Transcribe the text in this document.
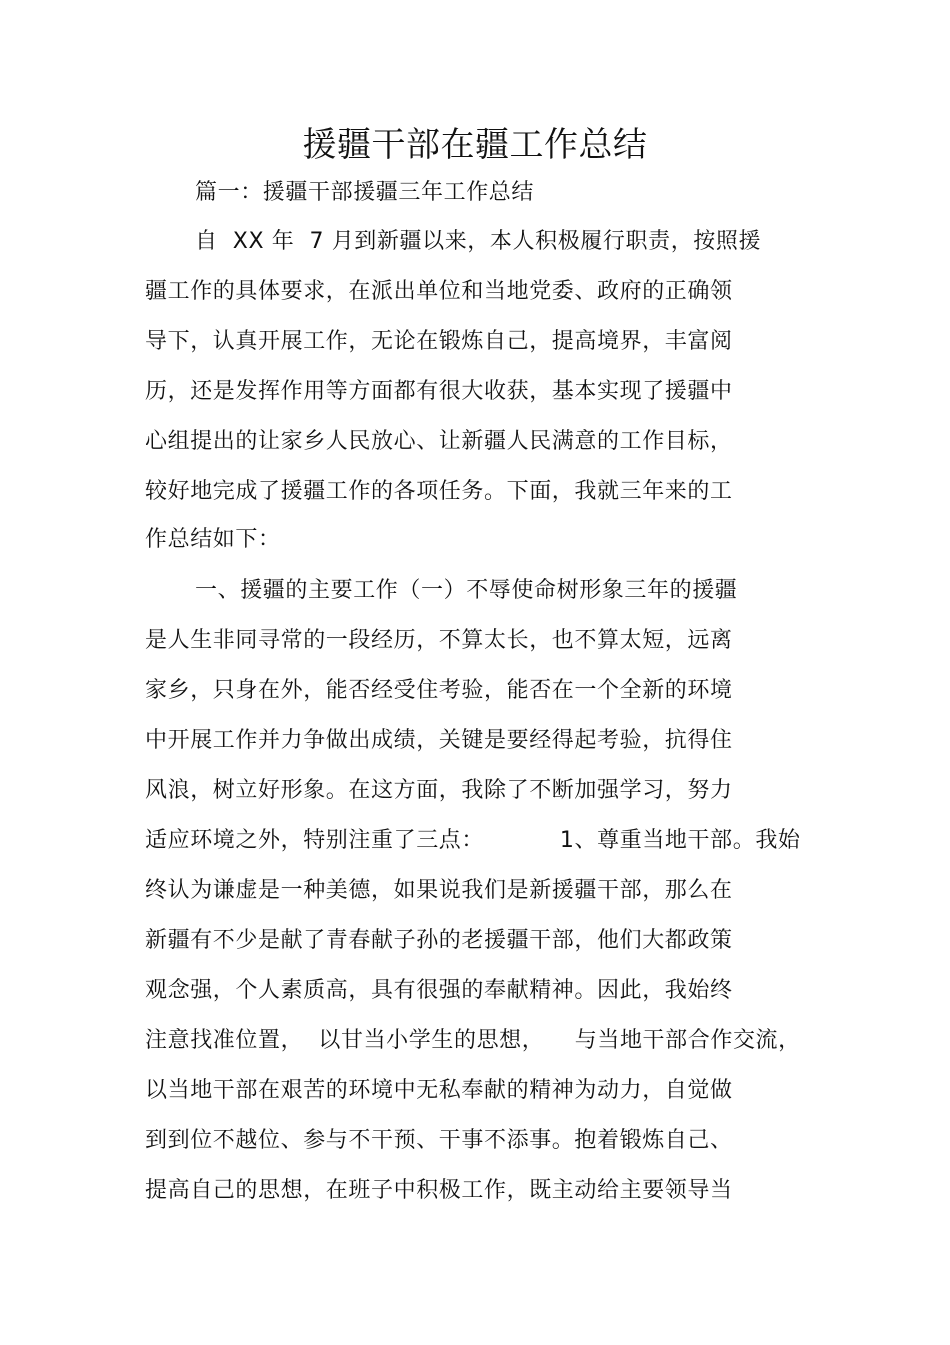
援疆干部在疆工作总结
篇一：援疆干部援疆三年工作总结
自  XX 年  7 月到新疆以来，本人积极履行职责，按照援
疆工作的具体要求，在派出单位和当地党委、政府的正确领
导下，认真开展工作，无论在锻炼自己，提高境界，丰富阅
历，还是发挥作用等方面都有很大收获，基本实现了援疆中
心组提出的让家乡人民放心、让新疆人民满意的工作目标，
较好地完成了援疆工作的各项任务。下面，我就三年来的工
作总结如下：
一、援疆的主要工作（一）不辱使命树形象三年的援疆
是人生非同寻常的一段经历，不算太长，也不算太短，远离
家乡，只身在外，能否经受住考验，能否在一个全新的环境
中开展工作并力争做出成绩，关键是要经得起考验，抗得住
风浪，树立好形象。在这方面，我除了不断加强学习，努力
适应环境之外，特别注重了三点：          1、尊重当地干部。我始
终认为谦虚是一种美德，如果说我们是新援疆干部，那么在
新疆有不少是献了青春献子孙的老援疆干部，他们大都政策
观念强，个人素质高，具有很强的奉献精神。因此，我始终
注意找准位置，  以甘当小学生的思想，    与当地干部合作交流，
以当地干部在艰苦的环境中无私奉献的精神为动力，自觉做
到到位不越位、参与不干预、干事不添事。抱着锻炼自己、
提高自己的思想，在班子中积极工作，既主动给主要领导当
